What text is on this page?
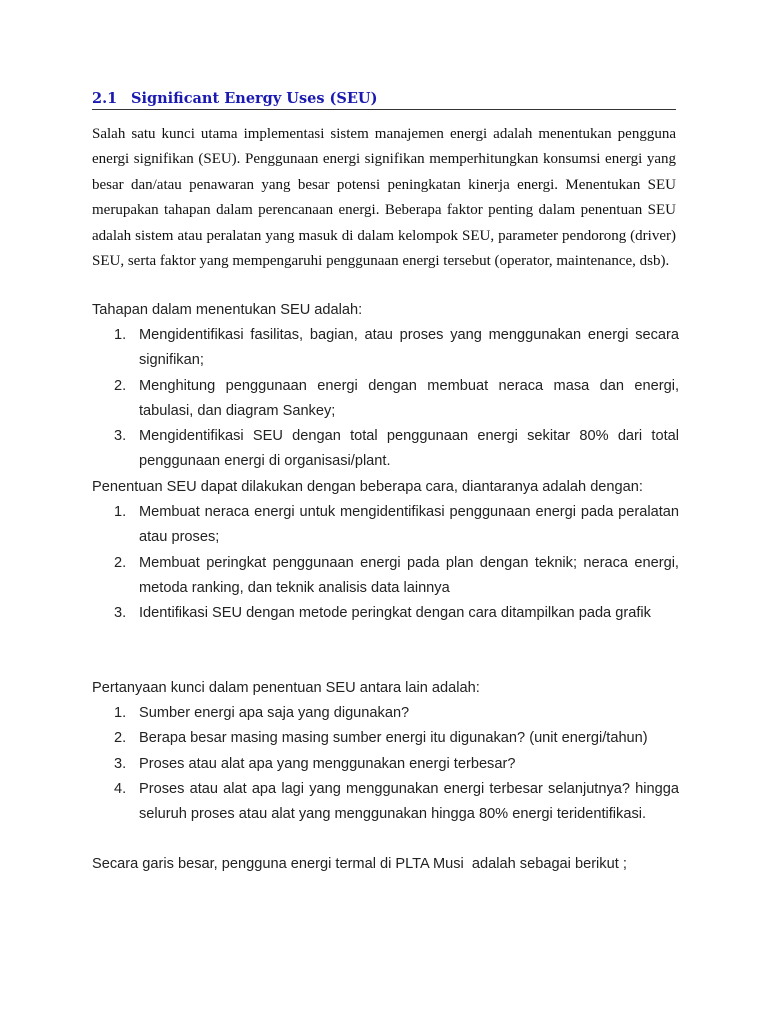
2.1 Significant Energy Uses (SEU)
Salah satu kunci utama implementasi sistem manajemen energi adalah menentukan pengguna energi signifikan (SEU). Penggunaan energi signifikan memperhitungkan konsumsi energi yang besar dan/atau penawaran yang besar potensi peningkatan kinerja energi. Menentukan SEU merupakan tahapan dalam perencanaan energi. Beberapa faktor penting dalam penentuan SEU adalah sistem atau peralatan yang masuk di dalam kelompok SEU, parameter pendorong (driver) SEU, serta faktor yang mempengaruhi penggunaan energi tersebut (operator, maintenance, dsb).
Tahapan dalam menentukan SEU adalah:
1. Mengidentifikasi fasilitas, bagian, atau proses yang menggunakan energi secara signifikan;
2. Menghitung penggunaan energi dengan membuat neraca masa dan energi, tabulasi, dan diagram Sankey;
3. Mengidentifikasi SEU dengan total penggunaan energi sekitar 80% dari total penggunaan energi di organisasi/plant.
Penentuan SEU dapat dilakukan dengan beberapa cara, diantaranya adalah dengan:
1. Membuat neraca energi untuk mengidentifikasi penggunaan energi pada peralatan atau proses;
2. Membuat peringkat penggunaan energi pada plan dengan teknik; neraca energi, metoda ranking, dan teknik analisis data lainnya
3. Identifikasi SEU dengan metode peringkat dengan cara ditampilkan pada grafik
Pertanyaan kunci dalam penentuan SEU antara lain adalah:
1. Sumber energi apa saja yang digunakan?
2. Berapa besar masing masing sumber energi itu digunakan? (unit energi/tahun)
3. Proses atau alat apa yang menggunakan energi terbesar?
4. Proses atau alat apa lagi yang menggunakan energi terbesar selanjutnya? hingga seluruh proses atau alat yang menggunakan hingga 80% energi teridentifikasi.
Secara garis besar, pengguna energi termal di PLTA Musi  adalah sebagai berikut ;
